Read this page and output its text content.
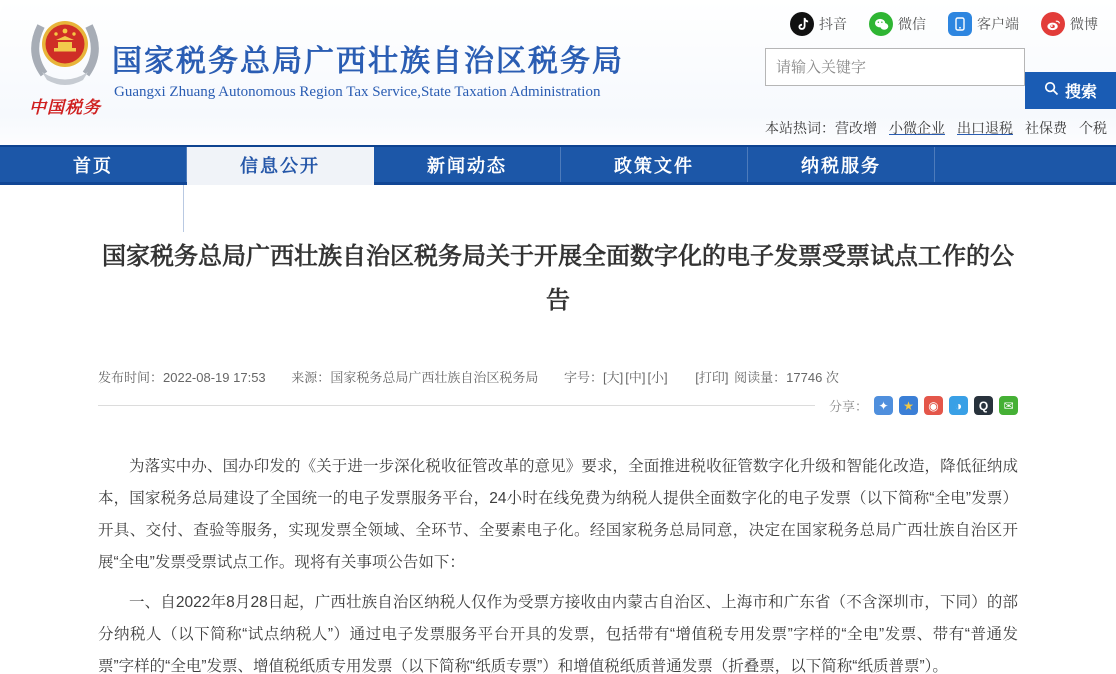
中国税务
国家税务总局广西壮族自治区税务局
Guangxi Zhuang Autonomous Region Tax Service,State Taxation Administration
抖音	微信	客户端	微博
请输入关键字
搜索
本站热词：营改增 小微企业 出口退税 社保费 个税
首页	信息公开	新闻动态	政策文件	纳税服务
国家税务总局广西壮族自治区税务局关于开展全面数字化的电子发票受票试点工作的公告
发布时间：2022-08-19 17:53 来源：国家税务总局广西壮族自治区税务局 字号：[大] [中] [小] [打印] 阅读量：17746 次
分享： ✦	★	◉	◑	Q	✉

为落实中办、国办印发的《关于进一步深化税收征管改革的意见》要求，全面推进税收征管数字化升级和智能化改造，降低征纳成本，国家税务总局建设了全国统一的电子发票服务平台，24小时在线免费为纳税人提供全面数字化的电子发票（以下简称“全电”发票）开具、交付、查验等服务，实现发票全领域、全环节、全要素电子化。经国家税务总局同意，决定在国家税务总局广西壮族自治区开展“全电”发票受票试点工作。现将有关事项公告如下：

一、自2022年8月28日起，广西壮族自治区纳税人仅作为受票方接收由内蒙古自治区、上海市和广东省（不含深圳市，下同）的部分纳税人（以下简称“试点纳税人”）通过电子发票服务平台开具的发票，包括带有“增值税专用发票”字样的“全电”发票、带有“普通发票”字样的“全电”发票、增值税纸质专用发票（以下简称“纸质专票”）和增值税纸质普通发票（折叠票，以下简称“纸质普票”）。
